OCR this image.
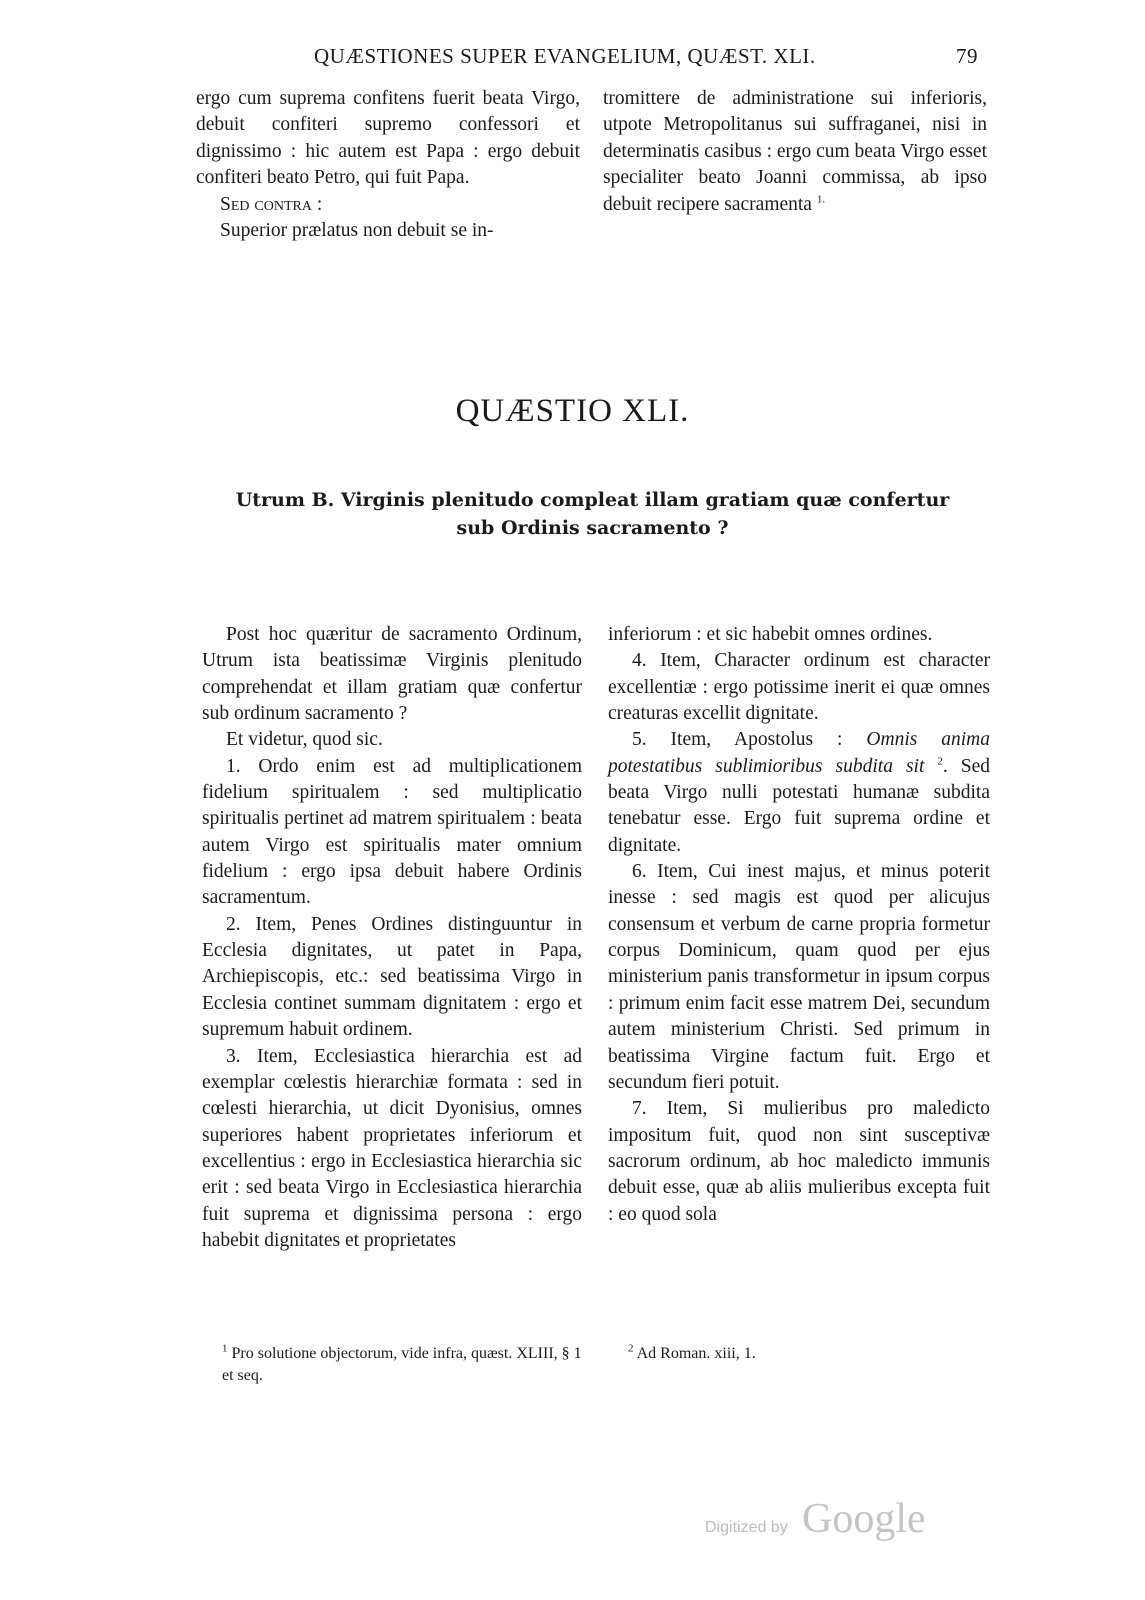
QUÆSTIONES SUPER EVANGELIUM, QUÆST. XLI.	79

ergo cum suprema confitens fuerit beata Virgo, debuit confiteri supremo confessori et dignissimo : hic autem est Papa : ergo debuit confiteri beato Petro, qui fuit Papa.

Sed contra :

Superior prælatus non debuit se in-

tromittere de administratione sui inferioris, utpote Metropolitanus sui suffraganei, nisi in determinatis casibus : ergo cum beata Virgo esset specialiter beato Joanni commissa, ab ipso debuit recipere sacramenta $^{1.}$

QUÆSTIO XLI.
Utrum B. Virginis plenitudo compleat illam gratiam quæ confertur
sub Ordinis sacramento ?

Post hoc quæritur de sacramento Ordinum, Utrum ista beatissimæ Virginis plenitudo comprehendat et illam gratiam quæ confertur sub ordinum sacramento ?

Et videtur, quod sic.

1. Ordo enim est ad multiplicationem fidelium spiritualem : sed multiplicatio spiritualis pertinet ad matrem spiritualem : beata autem Virgo est spiritualis mater omnium fidelium : ergo ipsa debuit habere Ordinis sacramentum.

2. Item, Penes Ordines distinguuntur in Ecclesia dignitates, ut patet in Papa, Archiepiscopis, etc.: sed beatissima Virgo in Ecclesia continet summam dignitatem : ergo et supremum habuit ordinem.

3. Item, Ecclesiastica hierarchia est ad exemplar cœlestis hierarchiæ formata : sed in cœlesti hierarchia, ut dicit Dyonisius, omnes superiores habent proprietates inferiorum et excellentius : ergo in Ecclesiastica hierarchia sic erit : sed beata Virgo in Ecclesiastica hierarchia fuit suprema et dignissima persona : ergo habebit dignitates et proprietates

inferiorum : et sic habebit omnes ordines.

4. Item, Character ordinum est character excellentiæ : ergo potissime inerit ei quæ omnes creaturas excellit dignitate.

5. Item, Apostolus : Omnis anima potestatibus sublimioribus subdita sit $^2$. Sed beata Virgo nulli potestati humanæ subdita tenebatur esse. Ergo fuit suprema ordine et dignitate.

6. Item, Cui inest majus, et minus poterit inesse : sed magis est quod per alicujus consensum et verbum de carne propria formetur corpus Dominicum, quam quod per ejus ministerium panis transformetur in ipsum corpus : primum enim facit esse matrem Dei, secundum autem ministerium Christi. Sed primum in beatissima Virgine factum fuit. Ergo et secundum fieri potuit.

7. Item, Si mulieribus pro maledicto impositum fuit, quod non sint susceptivæ sacrorum ordinum, ab hoc maledicto immunis debuit esse, quæ ab aliis mulieribus excepta fuit : eo quod sola

$^1$ Pro solutione objectorum, vide infra, quæst. XLIII, § 1 et seq.
$^2$ Ad Roman. xiii, 1.
Digitized by Google
